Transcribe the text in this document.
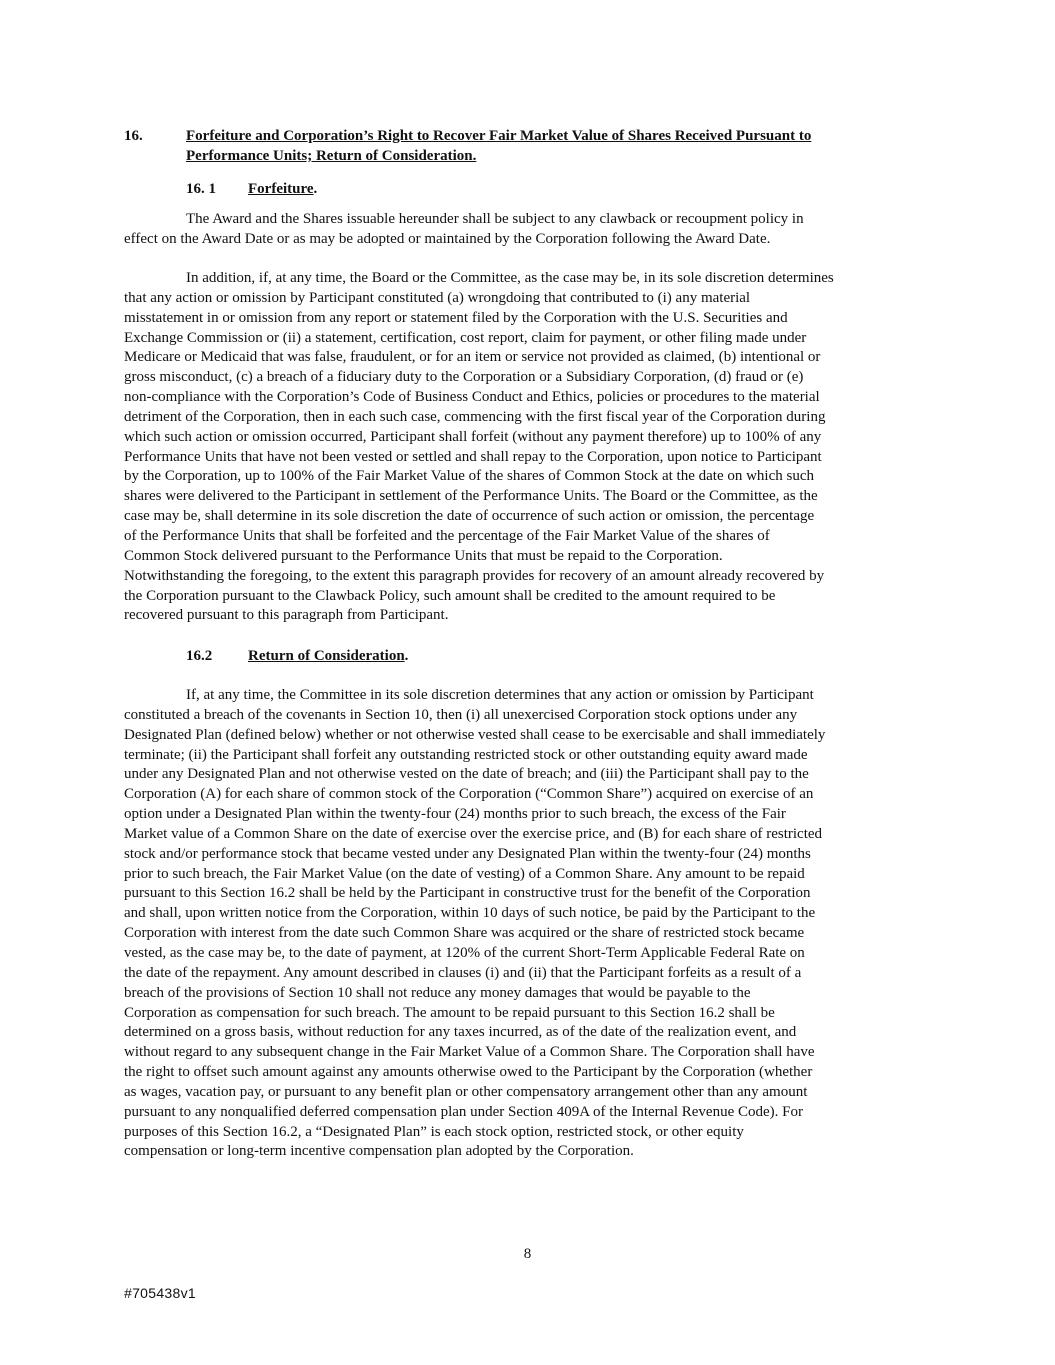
16.	Forfeiture and Corporation’s Right to Recover Fair Market Value of Shares Received Pursuant to
Performance Units; Return of Consideration.
16. 1 Forfeiture.
The Award and the Shares issuable hereunder shall be subject to any clawback or recoupment policy in
effect on the Award Date or as may be adopted or maintained by the Corporation following the Award Date.
In addition, if, at any time, the Board or the Committee, as the case may be, in its sole discretion determines
that any action or omission by Participant constituted (a) wrongdoing that contributed to (i) any material
misstatement in or omission from any report or statement filed by the Corporation with the U.S. Securities and
Exchange Commission or (ii) a statement, certification, cost report, claim for payment, or other filing made under
Medicare or Medicaid that was false, fraudulent, or for an item or service not provided as claimed, (b) intentional or
gross misconduct, (c) a breach of a fiduciary duty to the Corporation or a Subsidiary Corporation, (d) fraud or (e)
non-compliance with the Corporation’s Code of Business Conduct and Ethics, policies or procedures to the material
detriment of the Corporation, then in each such case, commencing with the first fiscal year of the Corporation during
which such action or omission occurred, Participant shall forfeit (without any payment therefore) up to 100% of any
Performance Units that have not been vested or settled and shall repay to the Corporation, upon notice to Participant
by the Corporation, up to 100% of the Fair Market Value of the shares of Common Stock at the date on which such
shares were delivered to the Participant in settlement of the Performance Units. The Board or the Committee, as the
case may be, shall determine in its sole discretion the date of occurrence of such action or omission, the percentage
of the Performance Units that shall be forfeited and the percentage of the Fair Market Value of the shares of
Common Stock delivered pursuant to the Performance Units that must be repaid to the Corporation.
Notwithstanding the foregoing, to the extent this paragraph provides for recovery of an amount already recovered by
the Corporation pursuant to the Clawback Policy, such amount shall be credited to the amount required to be
recovered pursuant to this paragraph from Participant.
16.2 Return of Consideration.
If, at any time, the Committee in its sole discretion determines that any action or omission by Participant
constituted a breach of the covenants in Section 10, then (i) all unexercised Corporation stock options under any
Designated Plan (defined below) whether or not otherwise vested shall cease to be exercisable and shall immediately
terminate; (ii) the Participant shall forfeit any outstanding restricted stock or other outstanding equity award made
under any Designated Plan and not otherwise vested on the date of breach; and (iii) the Participant shall pay to the
Corporation (A) for each share of common stock of the Corporation (“Common Share”) acquired on exercise of an
option under a Designated Plan within the twenty-four (24) months prior to such breach, the excess of the Fair
Market value of a Common Share on the date of exercise over the exercise price, and (B) for each share of restricted
stock and/or performance stock that became vested under any Designated Plan within the twenty-four (24) months
prior to such breach, the Fair Market Value (on the date of vesting) of a Common Share. Any amount to be repaid
pursuant to this Section 16.2 shall be held by the Participant in constructive trust for the benefit of the Corporation
and shall, upon written notice from the Corporation, within 10 days of such notice, be paid by the Participant to the
Corporation with interest from the date such Common Share was acquired or the share of restricted stock became
vested, as the case may be, to the date of payment, at 120% of the current Short-Term Applicable Federal Rate on
the date of the repayment. Any amount described in clauses (i) and (ii) that the Participant forfeits as a result of a
breach of the provisions of Section 10 shall not reduce any money damages that would be payable to the
Corporation as compensation for such breach. The amount to be repaid pursuant to this Section 16.2 shall be
determined on a gross basis, without reduction for any taxes incurred, as of the date of the realization event, and
without regard to any subsequent change in the Fair Market Value of a Common Share. The Corporation shall have
the right to offset such amount against any amounts otherwise owed to the Participant by the Corporation (whether
as wages, vacation pay, or pursuant to any benefit plan or other compensatory arrangement other than any amount
pursuant to any nonqualified deferred compensation plan under Section 409A of the Internal Revenue Code). For
purposes of this Section 16.2, a “Designated Plan” is each stock option, restricted stock, or other equity
compensation or long-term incentive compensation plan adopted by the Corporation.
8
#705438v1
